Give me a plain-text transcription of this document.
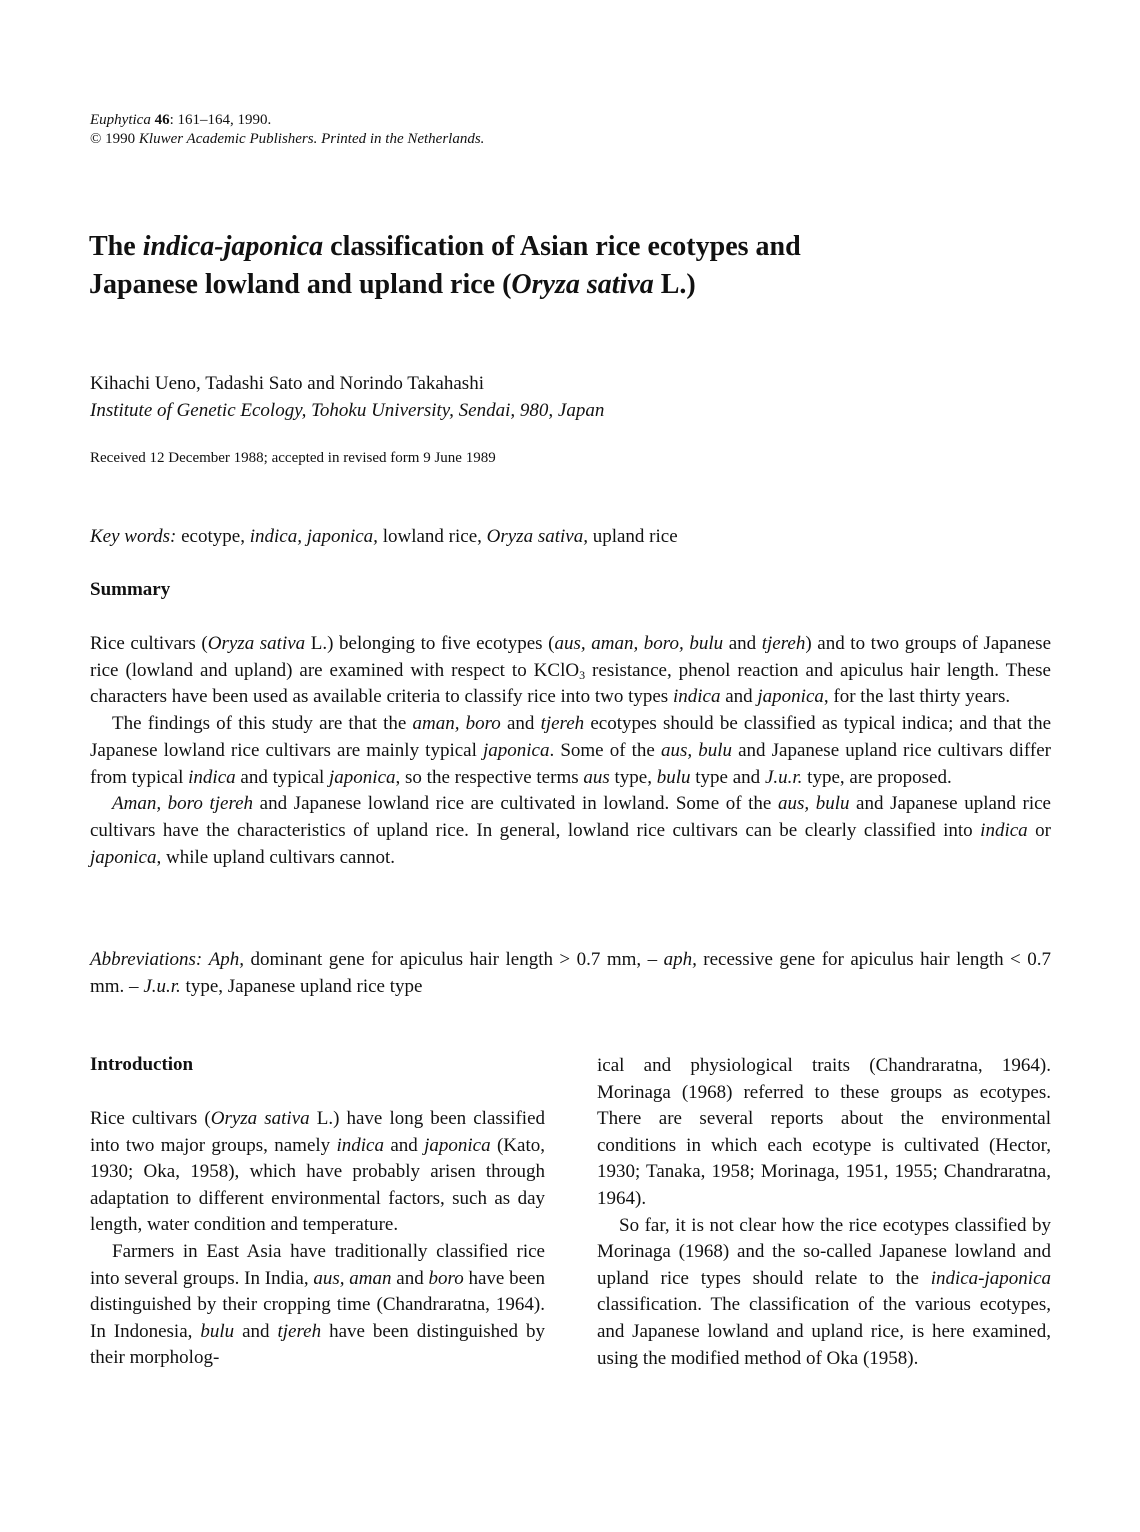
Euphytica 46: 161–164, 1990.
© 1990 Kluwer Academic Publishers. Printed in the Netherlands.
The indica-japonica classification of Asian rice ecotypes and
Japanese lowland and upland rice (Oryza sativa L.)
Kihachi Ueno, Tadashi Sato and Norindo Takahashi
Institute of Genetic Ecology, Tohoku University, Sendai, 980, Japan
Received 12 December 1988; accepted in revised form 9 June 1989
Key words: ecotype, indica, japonica, lowland rice, Oryza sativa, upland rice
Summary

Rice cultivars (Oryza sativa L.) belonging to five ecotypes (aus, aman, boro, bulu and tjereh) and to two groups of Japanese rice (lowland and upland) are examined with respect to KClO$_3$ resistance, phenol reaction and apiculus hair length. These characters have been used as available criteria to classify rice into two types indica and japonica, for the last thirty years.

The findings of this study are that the aman, boro and tjereh ecotypes should be classified as typical indica; and that the Japanese lowland rice cultivars are mainly typical japonica. Some of the aus, bulu and Japanese upland rice cultivars differ from typical indica and typical japonica, so the respective terms aus type, bulu type and J.u.r. type, are proposed.

Aman, boro tjereh and Japanese lowland rice are cultivated in lowland. Some of the aus, bulu and Japanese upland rice cultivars have the characteristics of upland rice. In general, lowland rice cultivars can be clearly classified into indica or japonica, while upland cultivars cannot.

Abbreviations: Aph, dominant gene for apiculus hair length > 0.7 mm, – aph, recessive gene for apiculus hair length < 0.7 mm. – J.u.r. type, Japanese upland rice type
Introduction

Rice cultivars (Oryza sativa L.) have long been classified into two major groups, namely indica and japonica (Kato, 1930; Oka, 1958), which have probably arisen through adaptation to different environmental factors, such as day length, water condition and temperature.

Farmers in East Asia have traditionally classified rice into several groups. In India, aus, aman and boro have been distinguished by their cropping time (Chandraratna, 1964). In Indonesia, bulu and tjereh have been distinguished by their morpholog-

ical and physiological traits (Chandraratna, 1964). Morinaga (1968) referred to these groups as ecotypes. There are several reports about the environmental conditions in which each ecotype is cultivated (Hector, 1930; Tanaka, 1958; Morinaga, 1951, 1955; Chandraratna, 1964).

So far, it is not clear how the rice ecotypes classified by Morinaga (1968) and the so-called Japanese lowland and upland rice types should relate to the indica-japonica classification. The classification of the various ecotypes, and Japanese lowland and upland rice, is here examined, using the modified method of Oka (1958).
